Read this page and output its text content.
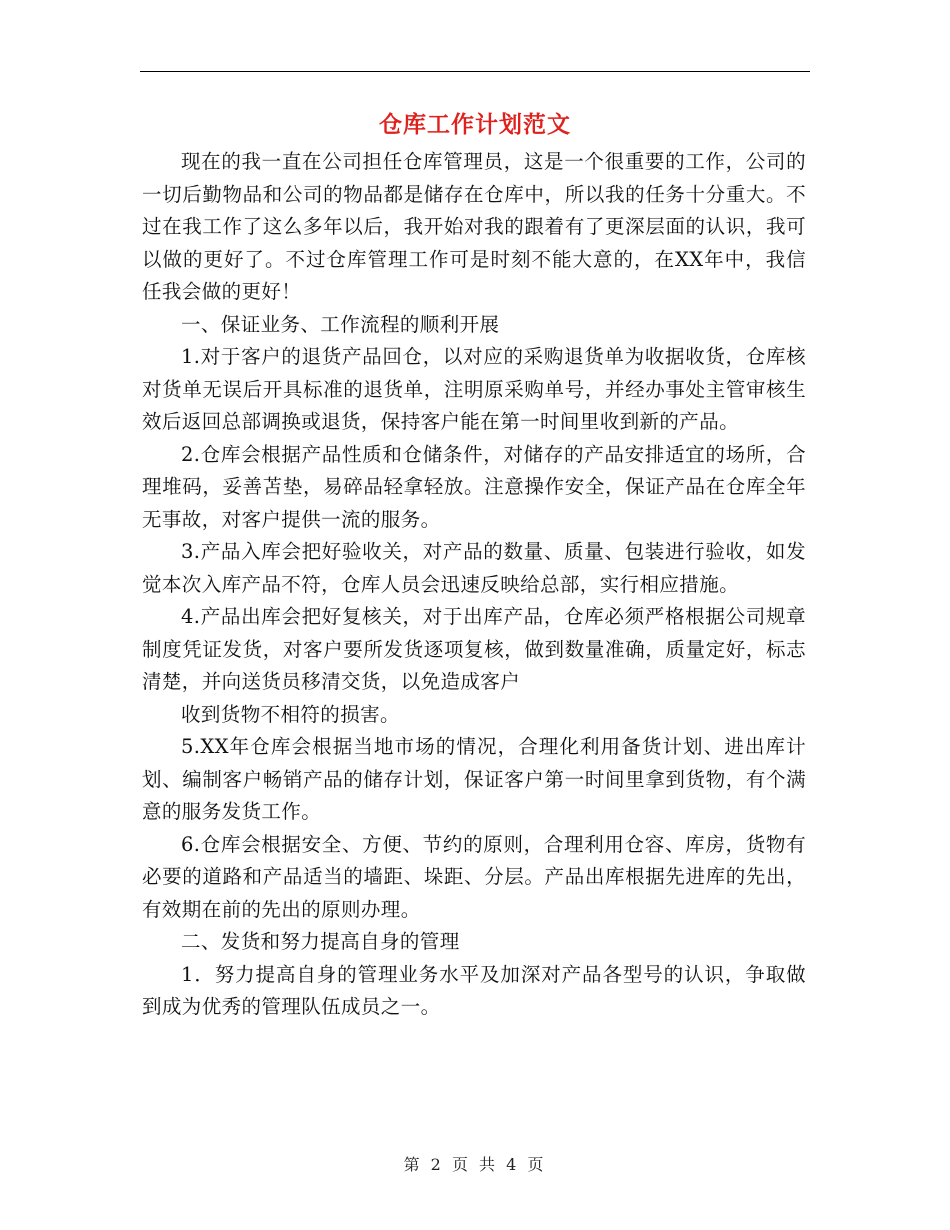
仓库工作计划范文

现在的我一直在公司担任仓库管理员，这是一个很重要的工作，公司的一切后勤物品和公司的物品都是储存在仓库中，所以我的任务十分重大。不过在我工作了这么多年以后，我开始对我的跟着有了更深层面的认识，我可以做的更好了。不过仓库管理工作可是时刻不能大意的，在XX年中，我信任我会做的更好！

一、保证业务、工作流程的顺利开展

1.对于客户的退货产品回仓，以对应的采购退货单为收据收货，仓库核对货单无误后开具标准的退货单，注明原采购单号，并经办事处主管审核生效后返回总部调换或退货，保持客户能在第一时间里收到新的产品。

2.仓库会根据产品性质和仓储条件，对储存的产品安排适宜的场所，合理堆码，妥善苫垫，易碎品轻拿轻放。注意操作安全，保证产品在仓库全年无事故，对客户提供一流的服务。

3.产品入库会把好验收关，对产品的数量、质量、包装进行验收，如发觉本次入库产品不符，仓库人员会迅速反映给总部，实行相应措施。

4.产品出库会把好复核关，对于出库产品，仓库必须严格根据公司规章制度凭证发货，对客户要所发货逐项复核，做到数量准确，质量定好，标志清楚，并向送货员移清交货，以免造成客户

收到货物不相符的损害。

5.XX年仓库会根据当地市场的情况，合理化利用备货计划、进出库计划、编制客户畅销产品的储存计划，保证客户第一时间里拿到货物，有个满意的服务发货工作。

6.仓库会根据安全、方便、节约的原则，合理利用仓容、库房，货物有必要的道路和产品适当的墙距、垛距、分层。产品出库根据先进库的先出，有效期在前的先出的原则办理。

二、发货和努力提高自身的管理

1．努力提高自身的管理业务水平及加深对产品各型号的认识，争取做到成为优秀的管理队伍成员之一。

第 2 页 共 4 页
